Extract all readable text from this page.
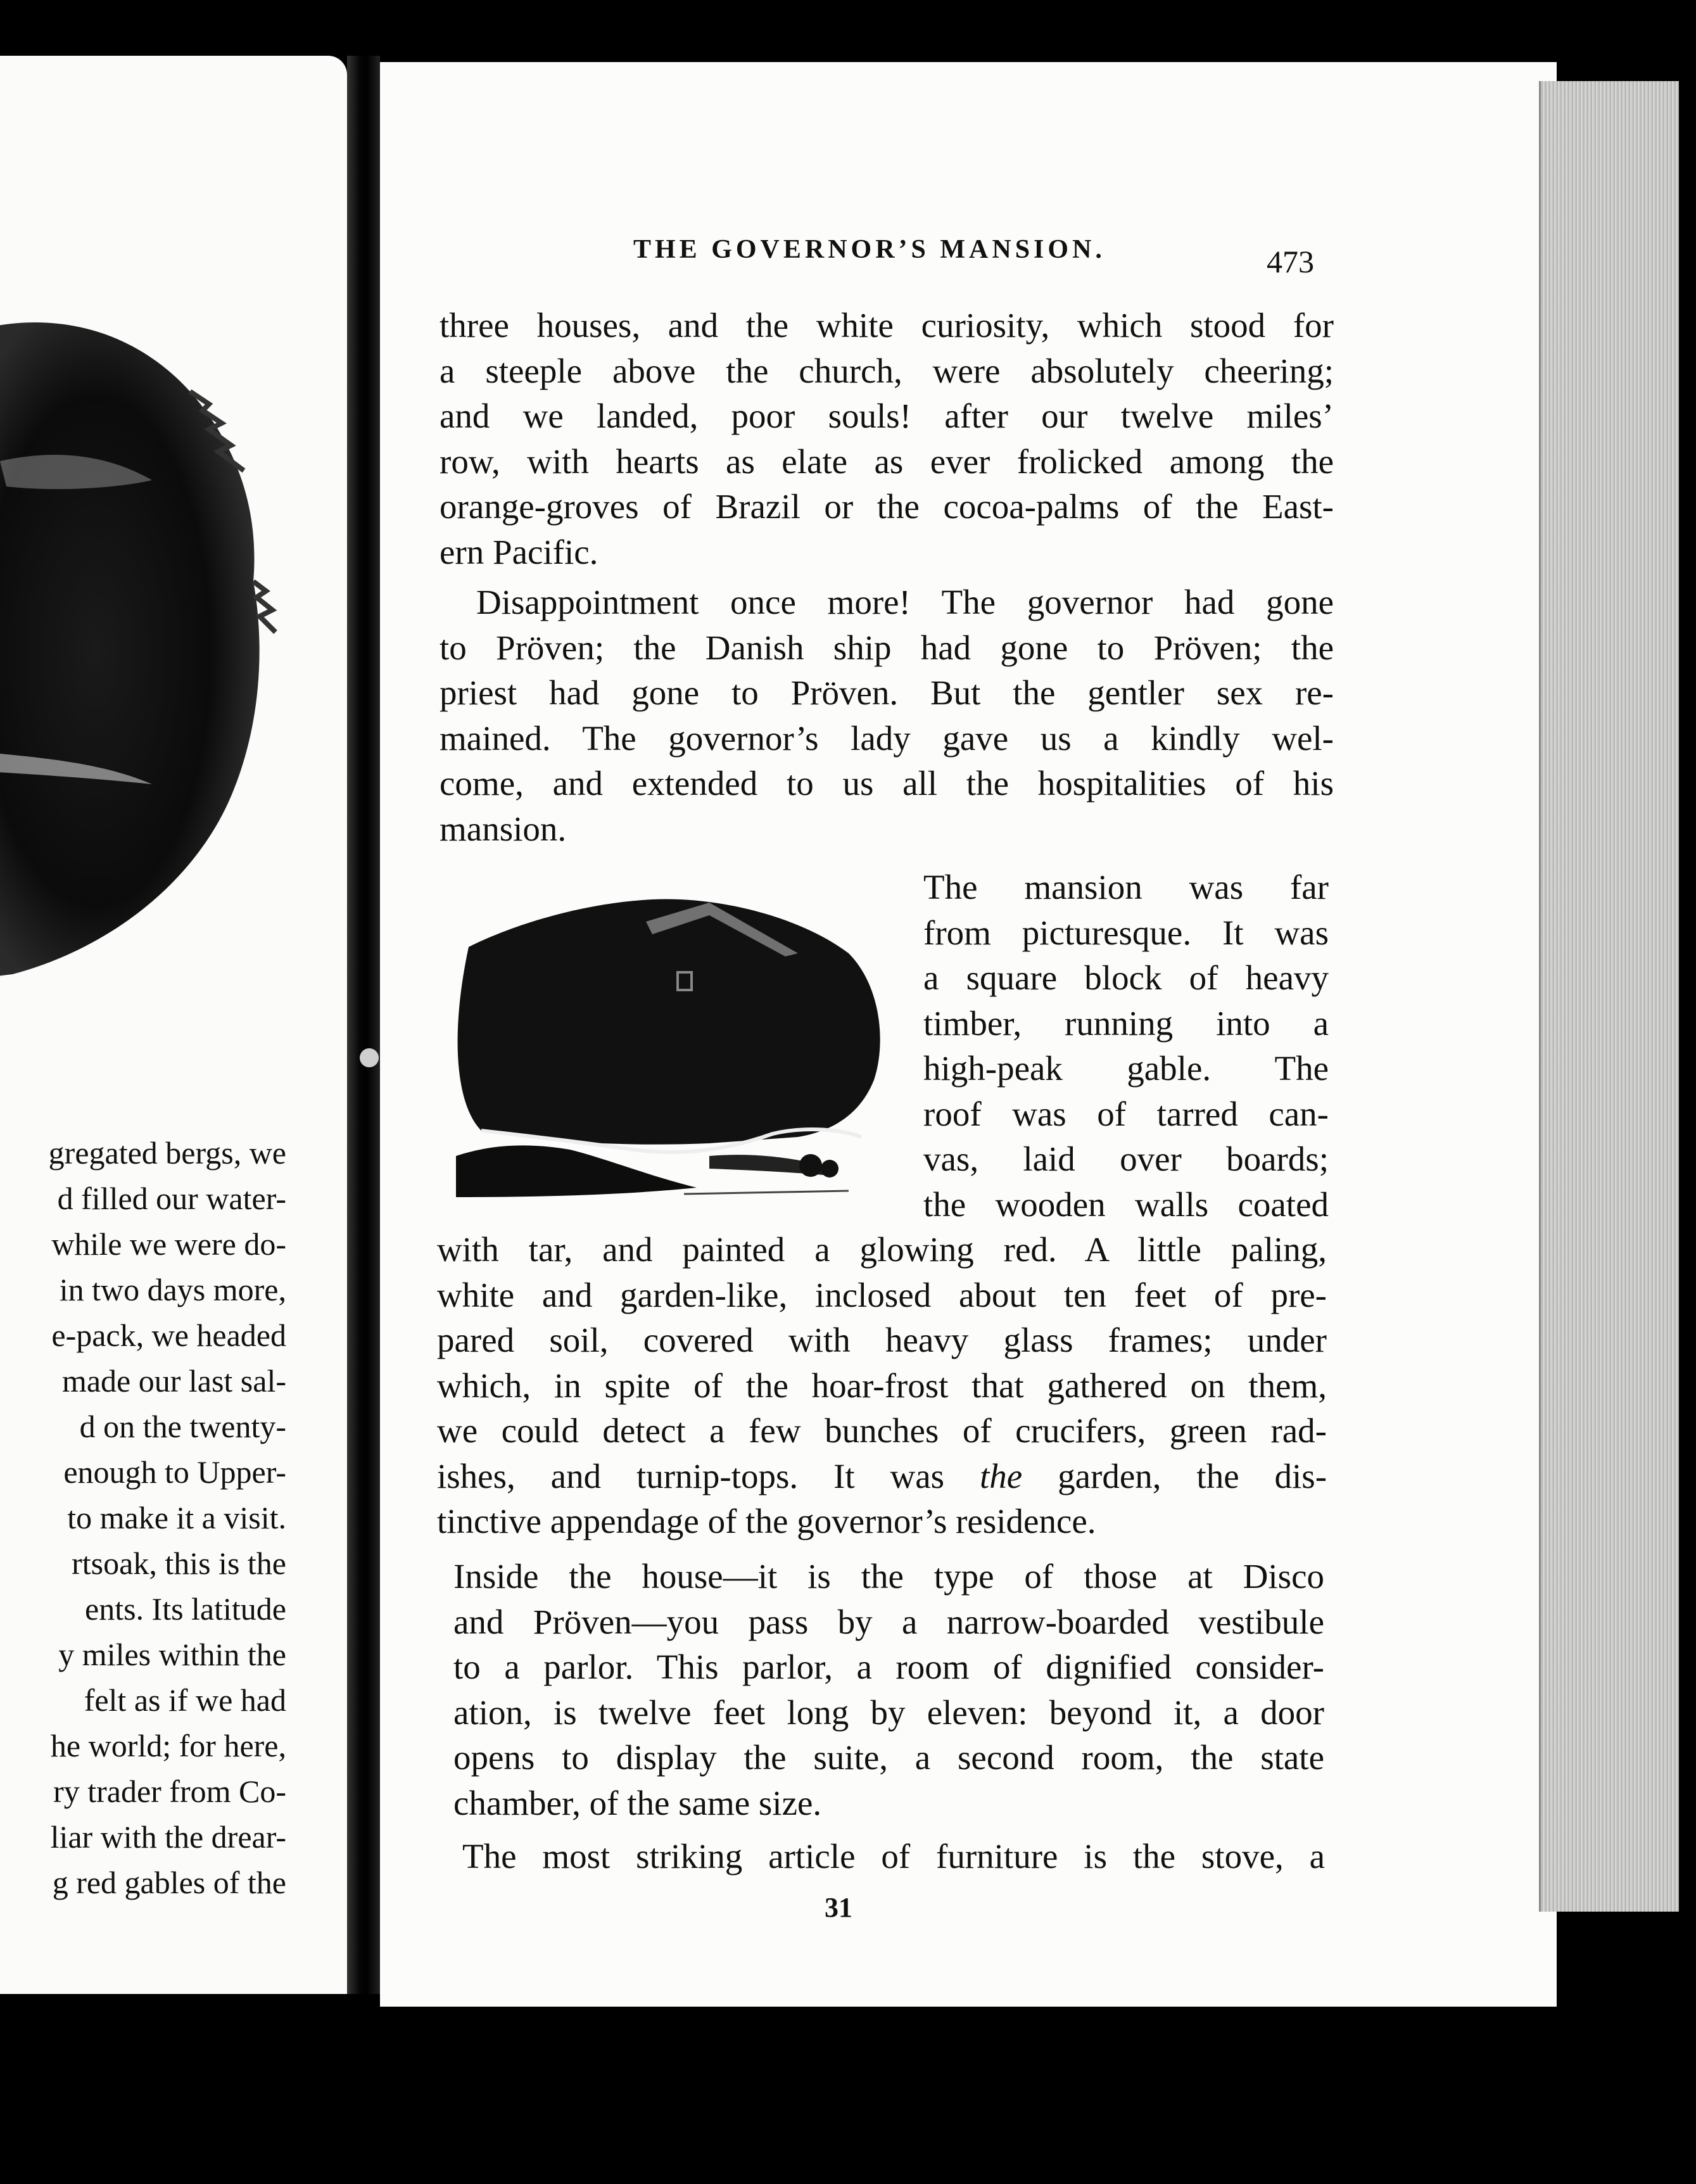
gregated bergs, we
d filled our water-
while we were do-
in two days more,
e-pack, we headed
made our last sal-
d on the twenty-
enough to Upper-
to make it a visit.
rtsoak, this is the
ents. Its latitude
y miles within the
felt as if we had
he world; for here,
ry trader from Co-
liar with the drear-
g red gables of the
THE GOVERNOR’S MANSION.	473
three houses, and the white curiosity, which stood for
a steeple above the church, were absolutely cheering;
and we landed, poor souls! after our twelve miles’
row, with hearts as elate as ever frolicked among the
orange-groves of Brazil or the cocoa-palms of the East-
ern Pacific.
Disappointment once more! The governor had gone
to Pröven; the Danish ship had gone to Pröven; the
priest had gone to Pröven. But the gentler sex re-
mained. The governor’s lady gave us a kindly wel-
come, and extended to us all the hospitalities of his
mansion.
The mansion was far
from picturesque. It was
a square block of heavy
timber, running into a
high-peak gable. The
roof was of tarred can-
vas, laid over boards;
the wooden walls coated
with tar, and painted a glowing red. A little paling,
white and garden-like, inclosed about ten feet of pre-
pared soil, covered with heavy glass frames; under
which, in spite of the hoar-frost that gathered on them,
we could detect a few bunches of crucifers, green rad-
ishes, and turnip-tops. It was the garden, the dis-
tinctive appendage of the governor’s residence.
Inside the house—it is the type of those at Disco
and Pröven—you pass by a narrow-boarded vestibule
to a parlor. This parlor, a room of dignified consider-
ation, is twelve feet long by eleven: beyond it, a door
opens to display the suite, a second room, the state
chamber, of the same size.
The most striking article of furniture is the stove, a
31
